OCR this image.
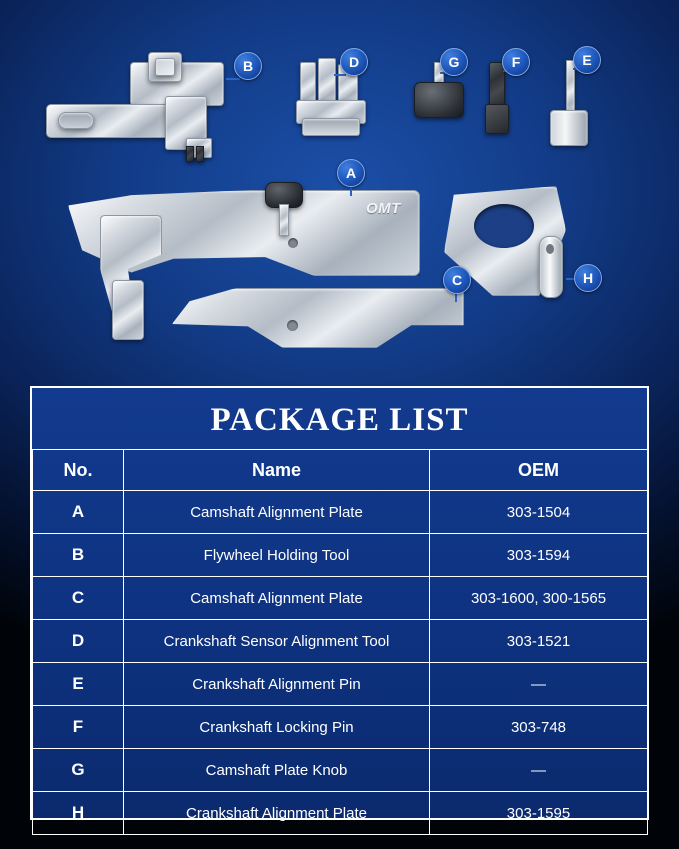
OMT
B	D	G	F	E
A
C	H
PACKAGE LIST
No.	Name	OEM
A	Camshaft Alignment Plate	303-1504
B	Flywheel Holding Tool	303-1594
C	Camshaft Alignment Plate	303-1600, 300-1565
D	Crankshaft Sensor Alignment Tool	303-1521
E	Crankshaft Alignment Pin	—
F	Crankshaft Locking Pin	303-748
G	Camshaft Plate Knob	—
H	Crankshaft Alignment Plate	303-1595
